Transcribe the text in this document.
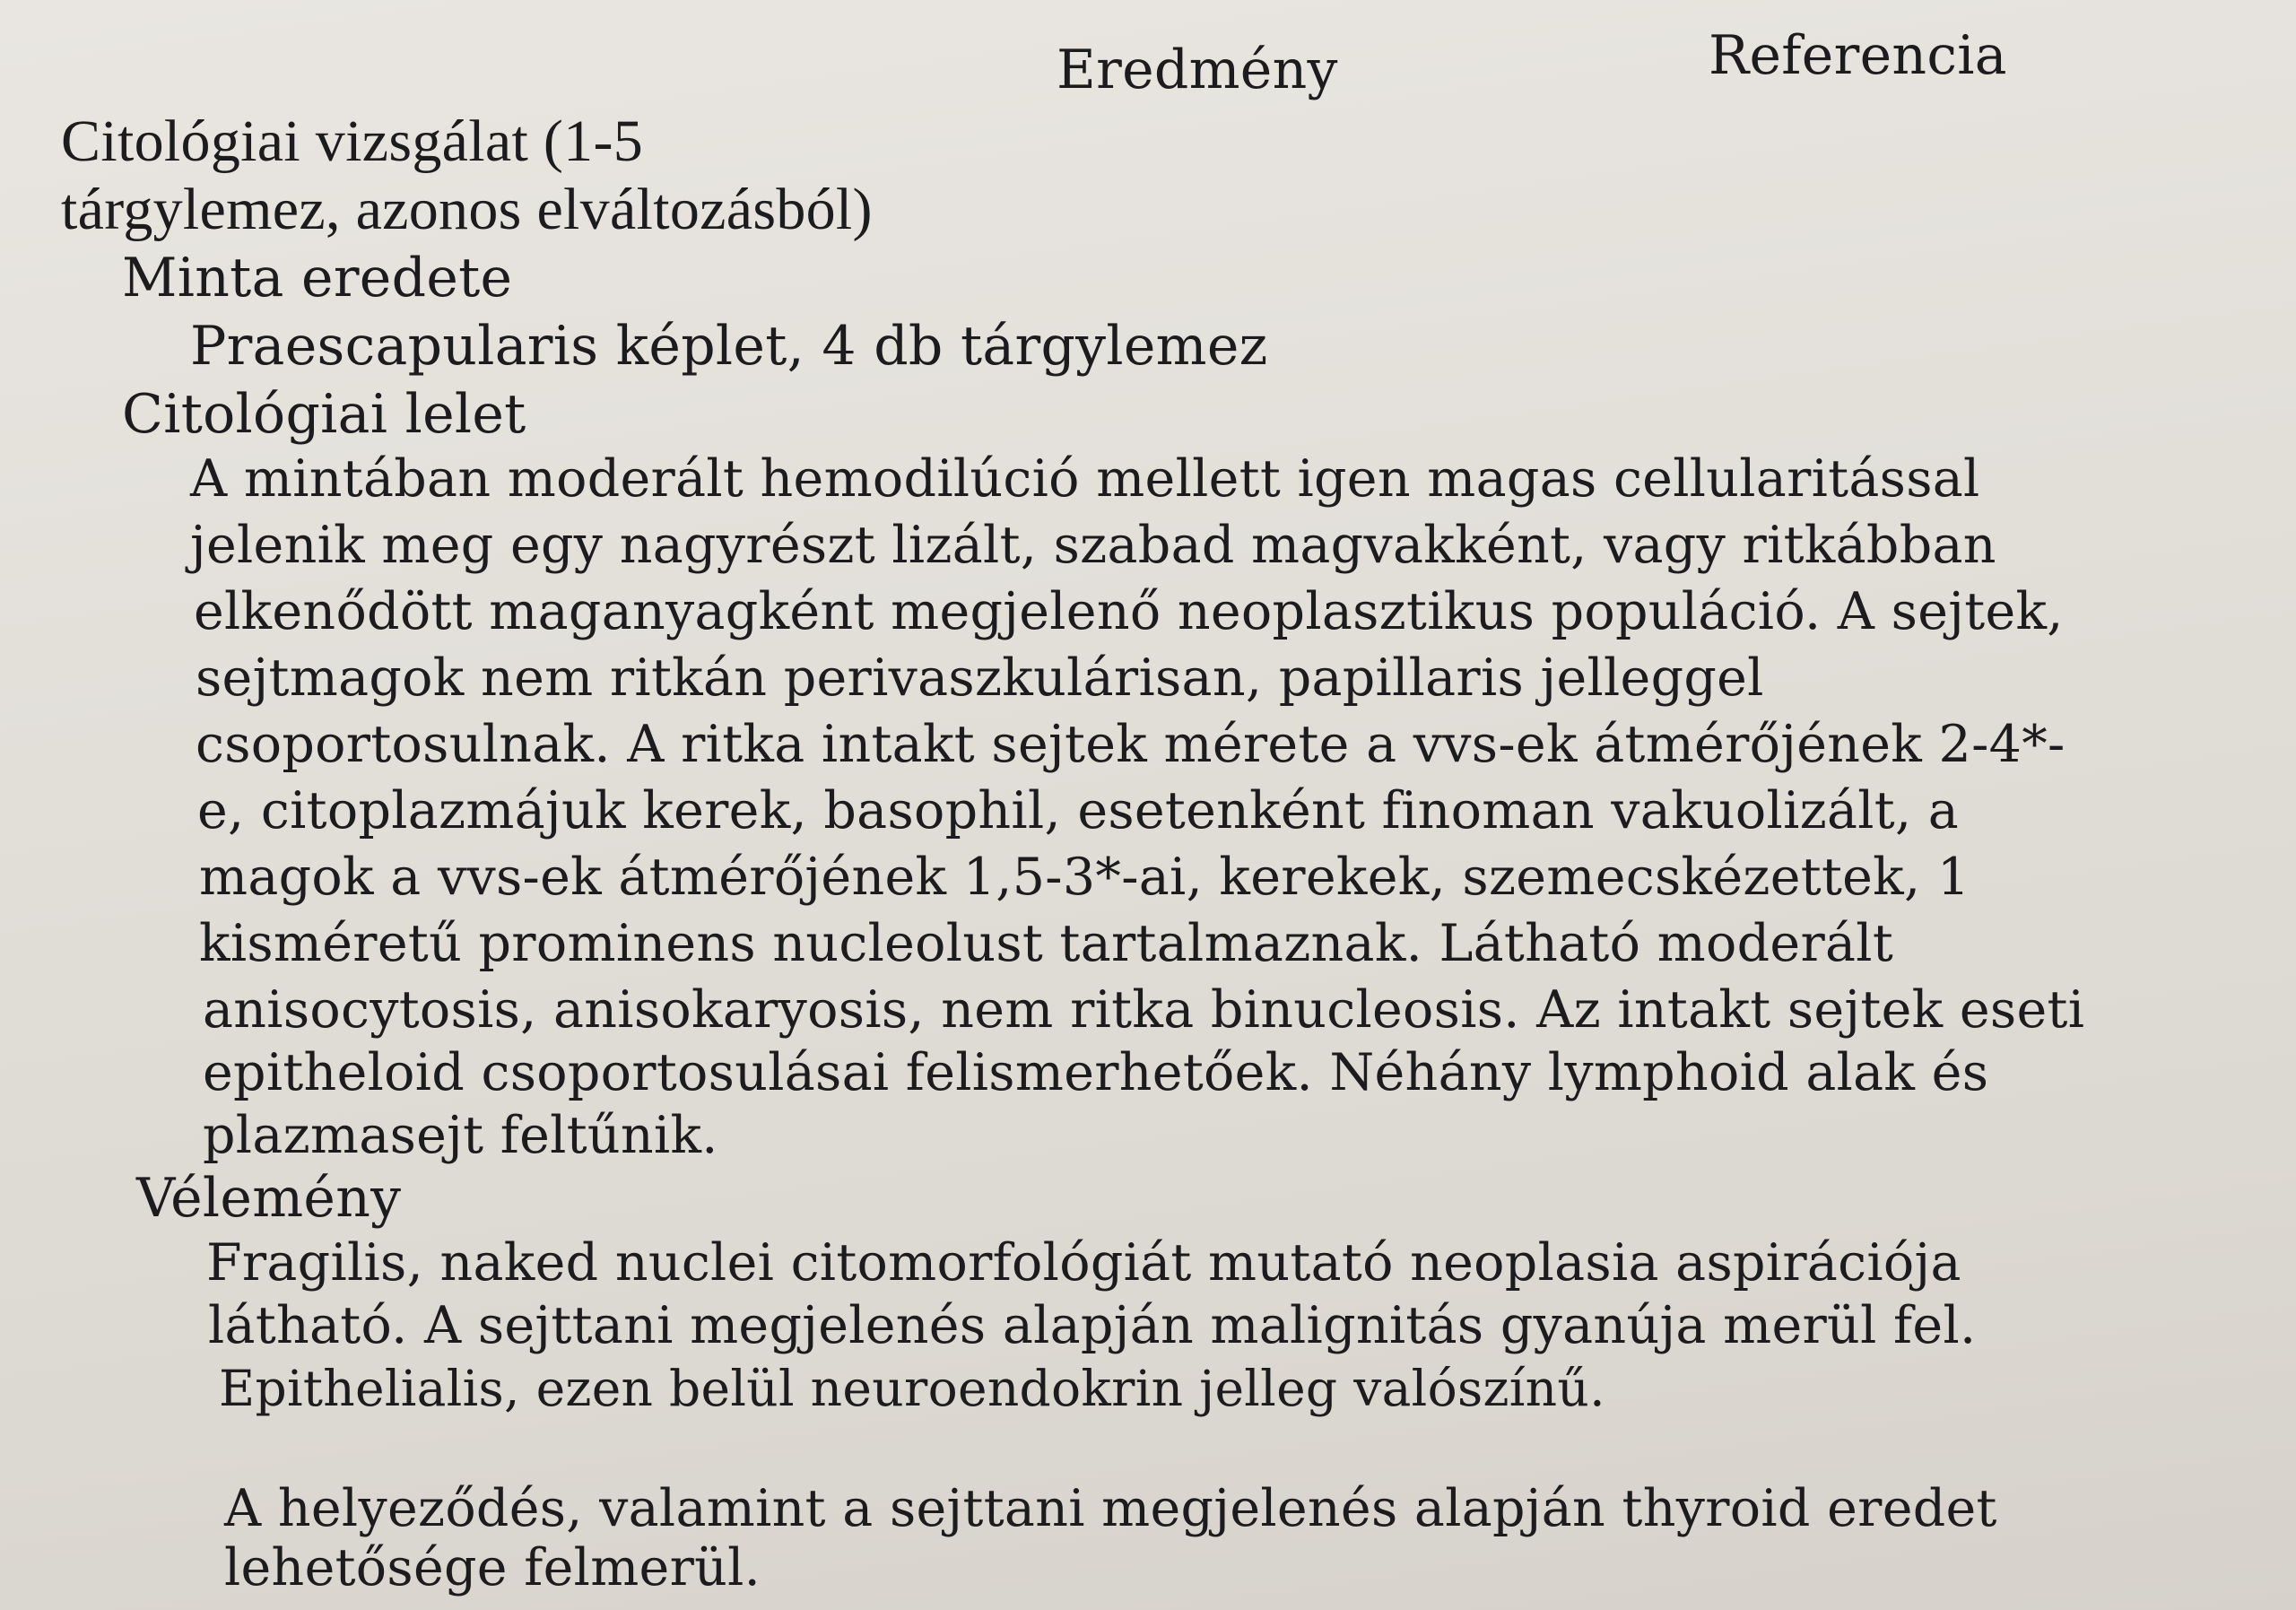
Eredmény	Referencia
Citológiai vizsgálat (1-5
tárgylemez, azonos elváltozásból)
Minta eredete
Praescapularis képlet, 4 db tárgylemez
Citológiai lelet
A mintában moderált hemodilúció mellett igen magas cellularitással
jelenik meg egy nagyrészt lizált, szabad magvakként, vagy ritkábban
elkenődött maganyagként megjelenő neoplasztikus populáció. A sejtek,
sejtmagok nem ritkán perivaszkulárisan, papillaris jelleggel
csoportosulnak. A ritka intakt sejtek mérete a vvs-ek átmérőjének 2-4*-
e, citoplazmájuk kerek, basophil, esetenként finoman vakuolizált, a
magok a vvs-ek átmérőjének 1,5-3*-ai, kerekek, szemecskézettek, 1
kisméretű prominens nucleolust tartalmaznak. Látható moderált
anisocytosis, anisokaryosis, nem ritka binucleosis. Az intakt sejtek eseti
epitheloid csoportosulásai felismerhetőek. Néhány lymphoid alak és
plazmasejt feltűnik.
Vélemény
Fragilis, naked nuclei citomorfológiát mutató neoplasia aspirációja
látható. A sejttani megjelenés alapján malignitás gyanúja merül fel.
Epithelialis, ezen belül neuroendokrin jelleg valószínű.
A helyeződés, valamint a sejttani megjelenés alapján thyroid eredet
lehetősége felmerül.
